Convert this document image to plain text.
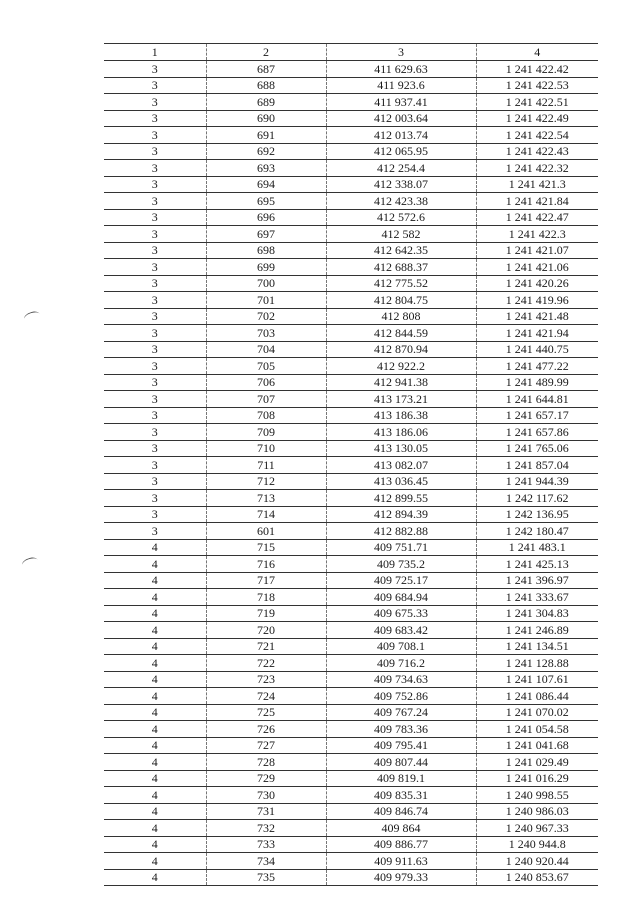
1	2	3	4
3	687	411 629.63	1 241 422.42
3	688	411 923.6	1 241 422.53
3	689	411 937.41	1 241 422.51
3	690	412 003.64	1 241 422.49
3	691	412 013.74	1 241 422.54
3	692	412 065.95	1 241 422.43
3	693	412 254.4	1 241 422.32
3	694	412 338.07	1 241 421.3
3	695	412 423.38	1 241 421.84
3	696	412 572.6	1 241 422.47
3	697	412 582	1 241 422.3
3	698	412 642.35	1 241 421.07
3	699	412 688.37	1 241 421.06
3	700	412 775.52	1 241 420.26
3	701	412 804.75	1 241 419.96
3	702	412 808	1 241 421.48
3	703	412 844.59	1 241 421.94
3	704	412 870.94	1 241 440.75
3	705	412 922.2	1 241 477.22
3	706	412 941.38	1 241 489.99
3	707	413 173.21	1 241 644.81
3	708	413 186.38	1 241 657.17
3	709	413 186.06	1 241 657.86
3	710	413 130.05	1 241 765.06
3	711	413 082.07	1 241 857.04
3	712	413 036.45	1 241 944.39
3	713	412 899.55	1 242 117.62
3	714	412 894.39	1 242 136.95
3	601	412 882.88	1 242 180.47
4	715	409 751.71	1 241 483.1
4	716	409 735.2	1 241 425.13
4	717	409 725.17	1 241 396.97
4	718	409 684.94	1 241 333.67
4	719	409 675.33	1 241 304.83
4	720	409 683.42	1 241 246.89
4	721	409 708.1	1 241 134.51
4	722	409 716.2	1 241 128.88
4	723	409 734.63	1 241 107.61
4	724	409 752.86	1 241 086.44
4	725	409 767.24	1 241 070.02
4	726	409 783.36	1 241 054.58
4	727	409 795.41	1 241 041.68
4	728	409 807.44	1 241 029.49
4	729	409 819.1	1 241 016.29
4	730	409 835.31	1 240 998.55
4	731	409 846.74	1 240 986.03
4	732	409 864	1 240 967.33
4	733	409 886.77	1 240 944.8
4	734	409 911.63	1 240 920.44
4	735	409 979.33	1 240 853.67
